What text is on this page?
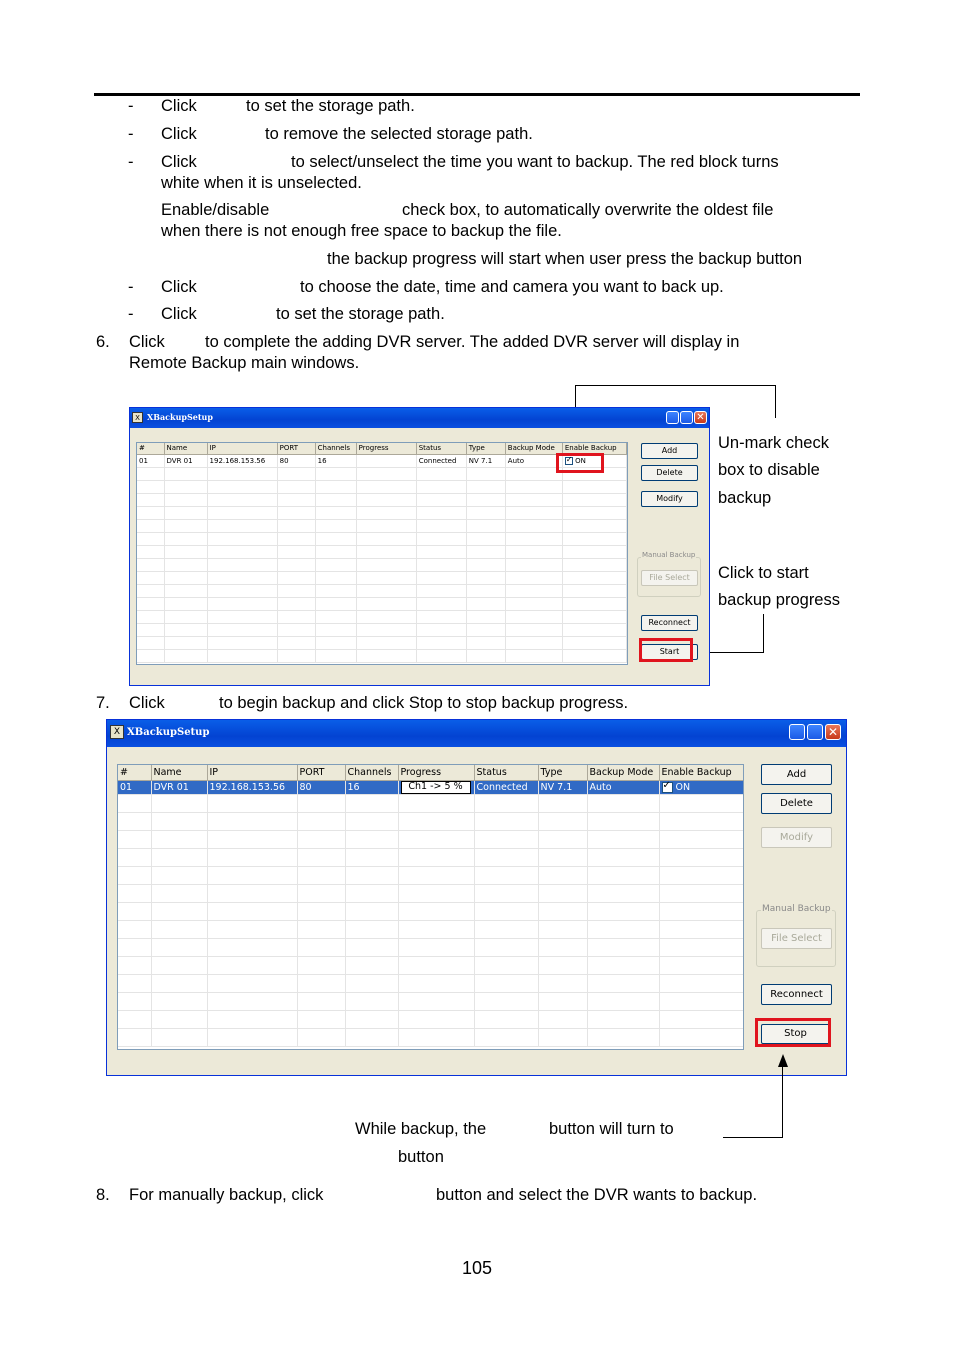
- Click	to set the storage path.
- Click	to remove the selected storage path.
- Click	to select/unselect the time you want to backup. The red block turns
white when it is unselected.
Enable/disable	check box, to automatically overwrite the oldest file
when there is not enough free space to backup the file.
the backup progress will start when user press the backup button
- Click	to choose the date, time and camera you want to back up.
- Click	to set the storage path.
6. Click to complete the adding DVR server. The added DVR server will display in
Remote Backup main windows.
Un-mark check
box to disable
backup
Click to start
backup progress
X XBackupSetup	✕
#	Name	IP	PORT	Channels	Progress	Status	Type	Backup Mode	Enable Backup
01	DVR 01	192.168.153.56	80	16		Connected	NV 7.1	Auto	✓ON

Add
Delete
Modify
Manual Backup
File Select
Reconnect
Start
7. Click	to begin backup and click Stop to stop backup progress.
X XBackupSetup	✕
#	Name	IP	PORT	Channels	Progress	Status	Type	Backup Mode	Enable Backup
01	DVR 01	192.168.153.56	80	16	Ch1 -> 5 %	Connected	NV 7.1	Auto	✓ON

Add
Delete
Modify
Manual Backup
File Select
Reconnect
Stop
While backup, the	button will turn to
button
8. For manually backup, click	button and select the DVR wants to backup.
105
